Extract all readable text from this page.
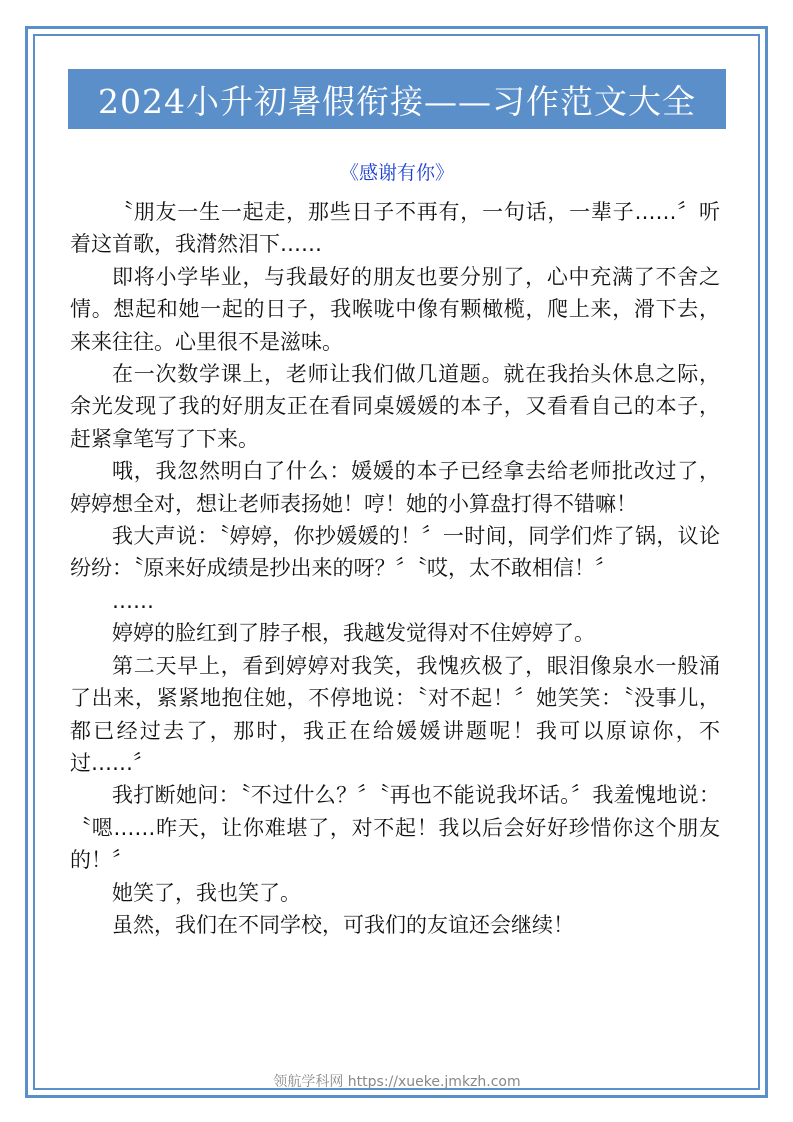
2024小升初暑假衔接——习作范文大全
《感谢有你》

〝朋友一生一起走，那些日子不再有，一句话，一辈子……〞听着这首歌，我潸然泪下……

即将小学毕业，与我最好的朋友也要分别了，心中充满了不舍之情。想起和她一起的日子，我喉咙中像有颗橄榄，爬上来，滑下去，来来往往。心里很不是滋味。

在一次数学课上，老师让我们做几道题。就在我抬头休息之际，余光发现了我的好朋友正在看同桌媛媛的本子，又看看自己的本子，赶紧拿笔写了下来。

哦，我忽然明白了什么：媛媛的本子已经拿去给老师批改过了，婷婷想全对，想让老师表扬她！哼！她的小算盘打得不错嘛！

我大声说：〝婷婷，你抄媛媛的！〞一时间，同学们炸了锅，议论纷纷：〝原来好成绩是抄出来的呀？〞〝哎，太不敢相信！〞

……

婷婷的脸红到了脖子根，我越发觉得对不住婷婷了。

第二天早上，看到婷婷对我笑，我愧疚极了，眼泪像泉水一般涌了出来，紧紧地抱住她，不停地说：〝对不起！〞她笑笑：〝没事儿，都已经过去了，那时，我正在给媛媛讲题呢！我可以原谅你，不过……〞

我打断她问：〝不过什么？〞〝再也不能说我坏话。〞我羞愧地说：〝嗯……昨天，让你难堪了，对不起！我以后会好好珍惜你这个朋友的！〞

她笑了，我也笑了。

虽然，我们在不同学校，可我们的友谊还会继续！

领航学科网 https://xueke.jmkzh.com
